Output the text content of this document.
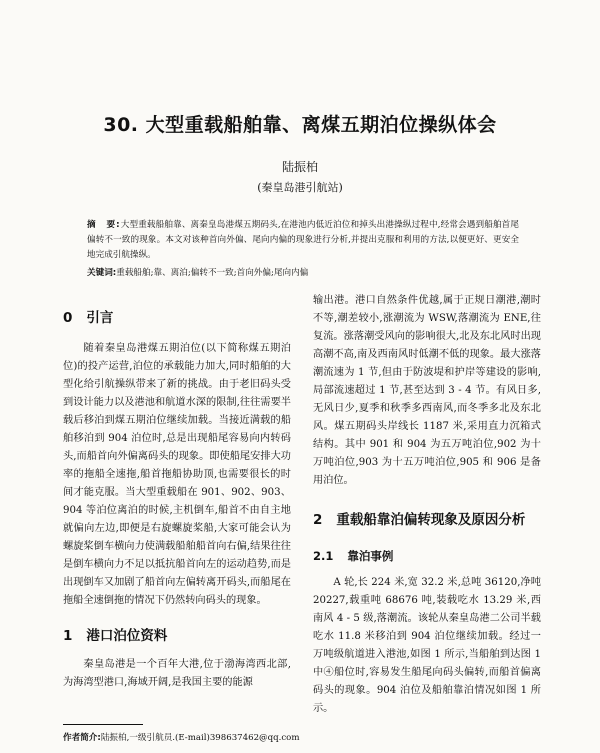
30. 大型重载船舶靠、离煤五期泊位操纵体会
陆振柏
(秦皇岛港引航站)
摘　要:大型重载船舶靠、离秦皇岛港煤五期码头,在港池内低近泊位和掉头出港操纵过程中,经常会遇到船舶首尾偏转不一致的现象。本文对该种首向外偏、尾向内偏的现象进行分析,并提出克服和利用的方法,以便更好、更安全地完成引航操纵。
关键词:重载船舶;靠、离泊;偏转不一致;首向外偏;尾向内偏
0 引言

随着秦皇岛港煤五期泊位(以下简称煤五期泊位)的投产运营,泊位的承载能力加大,同时船舶的大型化给引航操纵带来了新的挑战。由于老旧码头受到设计能力以及港池和航道水深的限制,往往需要半载后移泊到煤五期泊位继续加载。当接近满载的船舶移泊到 904 泊位时,总是出现船尾容易向内转码头,而船首向外偏离码头的现象。即使船尾安排大功率的拖船全速拖,船首拖船协助顶,也需要很长的时间才能克服。当大型重载船在 901、902、903、904 等泊位离泊的时候,主机倒车,船首不由自主地就偏向左边,即便是右旋螺旋桨船,大家可能会认为螺旋桨倒车横向力使满载船舶船首向右偏,结果往往是倒车横向力不足以抵抗船首向左的运动趋势,而是出现倒车又加剧了船首向左偏转离开码头,而船尾在拖船全速倒拖的情况下仍然转向码头的现象。

1 港口泊位资料

秦皇岛港是一个百年大港,位于渤海湾西北部,为海湾型港口,海域开阔,是我国主要的能源

输出港。港口自然条件优越,属于正规日潮港,潮时不等,潮差较小,涨潮流为 WSW,落潮流为 ENE,往复流。涨落潮受风向的影响很大,北及东北风时出现高潮不高,南及西南风时低潮不低的现象。最大涨落潮流速为 1 节,但由于防波堤和护岸等建设的影响,局部流速超过 1 节,甚至达到 3 - 4 节。有风日多,无风日少,夏季和秋季多西南风,而冬季多北及东北风。煤五期码头岸线长 1187 米,采用直力沉箱式结构。其中 901 和 904 为五万吨泊位,902 为十万吨泊位,903 为十五万吨泊位,905 和 906 是备用泊位。

2 重载船靠泊偏转现象及原因分析
2.1 靠泊事例

A 轮,长 224 米,宽 32.2 米,总吨 36120,净吨 20227,载重吨 68676 吨,装载吃水 13.29 米,西南风 4 - 5 级,落潮流。该轮从秦皇岛港二公司半载吃水 11.8 米移泊到 904 泊位继续加载。经过一万吨级航道进入港池,如图 1 所示,当船舶到达图 1 中④船位时,容易发生船尾向码头偏转,而船首偏离码头的现象。904 泊位及船舶靠泊情况如图 1 所示。

作者简介:陆振柏,一级引航员.(E-mail)398637462@qq.com
